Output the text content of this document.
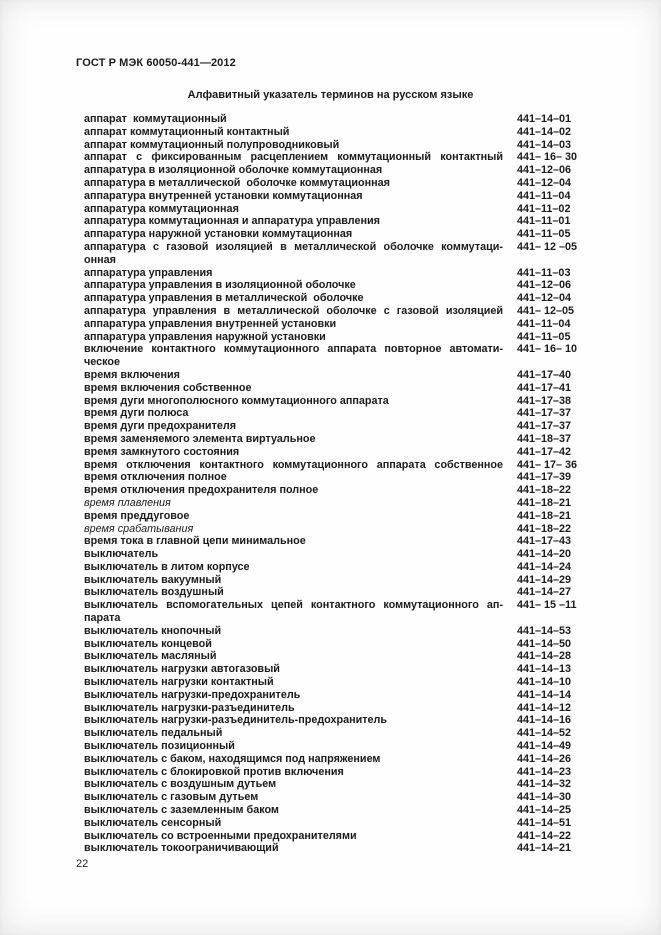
ГОСТ Р МЭК 60050-441—2012
Алфавитный указатель терминов на русском языке
аппарат  коммутационный	441–14–01
аппарат коммутационный контактный	441–14–02
аппарат коммутационный полупроводниковый	441–14–03
аппарат с фиксированным расцеплением коммутационный контактный 441– 16– 30
аппаратура в изоляционной оболочке коммутационная	441–12–06
аппаратура в металлической  оболочке коммутационная	441–12–04
аппаратура внутренней установки коммутационная	441–11–04
аппаратура коммутационная	441–11–02
аппаратура коммутационная и аппаратура управления	441–11–01
аппаратура наружной установки коммутационная	441–11–05
аппаратура с газовой изоляцией в металлической оболочке коммутаци-
онная
441– 12 –05
аппаратура управления	441–11–03
аппаратура управления в изоляционной оболочке	441–12–06
аппаратура управления в металлической  оболочке	441–12–04
аппаратура управления в металлической оболочке с газовой изоляцией 441– 12–05
аппаратура управления внутренней установки	441–11–04
аппаратура управления наружной установки	441–11–05
включение контактного коммутационного аппарата повторное автомати-
ческое
441– 16– 10
время включения	441–17–40
время включения собственное	441–17–41
время дуги многополюсного коммутационного аппарата	441–17–38
время дуги полюса	441–17–37
время дуги предохранителя	441–17–37
время заменяемого элемента виртуальное	441–18–37
время замкнутого состояния	441–17–42
время отключения контактного коммутационного аппарата собственное 441– 17– 36
время отключения полное	441–17–39
время отключения предохранителя полное	441–18–22
время плавления	441–18–21
время преддуговое	441–18–21
время срабатывания	441–18–22
время тока в главной цепи минимальное	441–17–43
выключатель	441–14–20
выключатель в литом корпусе	441–14–24
выключатель вакуумный	441–14–29
выключатель воздушный	441–14–27
выключатель вспомогательных цепей контактного коммутационного ап-
парата
441– 15 –11
выключатель кнопочный	441–14–53
выключатель концевой	441–14–50
выключатель масляный	441–14–28
выключатель нагрузки автогазовый	441–14–13
выключатель нагрузки контактный	441–14–10
выключатель нагрузки-предохранитель	441–14–14
выключатель нагрузки-разъединитель	441–14–12
выключатель нагрузки-разъединитель-предохранитель	441–14–16
выключатель педальный	441–14–52
выключатель позиционный	441–14–49
выключатель с баком, находящимся под напряжением	441–14–26
выключатель с блокировкой против включения	441–14–23
выключатель с воздушным дутьем	441–14–32
выключатель с газовым дутьем	441–14–30
выключатель с заземленным баком	441–14–25
выключатель сенсорный	441–14–51
выключатель со встроенными предохранителями	441–14–22
выключатель токоограничивающий	441–14–21
22
